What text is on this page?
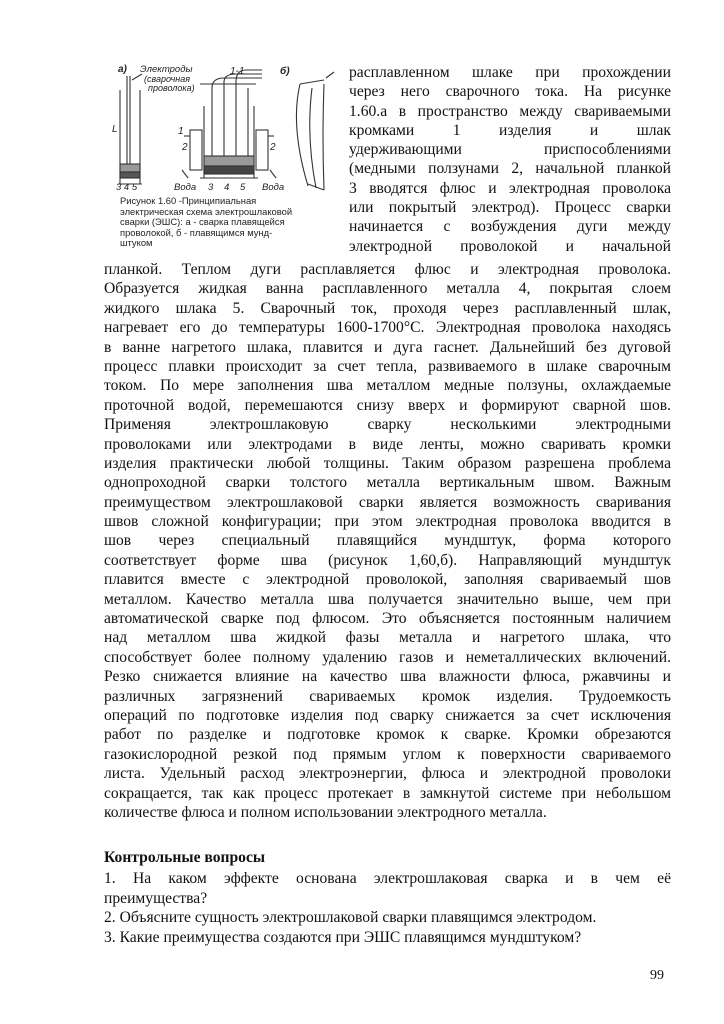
а) Электроды
(сварочная
проволока)
1-1	б)
L	1
2	2
3 4 5	Вода 3 4 5 Вода
Рисунок 1.60 -Принципиальная
электрическая схема электрошлаковой
сварки (ЭШС): а - сварка плавящейся
проволокой, б - плавящимся мунд-
штуком
расплавленном шлаке при прохождении
через него сварочного тока. На рисунке
1.60.а в пространство между свариваемыми
кромками 1 изделия и шлак
удерживающими приспособлениями
(медными ползунами 2, начальной планкой
3 вводятся флюс и электродная проволока
или покрытый электрод). Процесс сварки
начинается с возбуждения дуги между
электродной проволокой и начальной
планкой. Теплом дуги расплавляется флюс и электродная проволока.
Образуется жидкая ванна расплавленного металла 4, покрытая слоем
жидкого шлака 5. Сварочный ток, проходя через расплавленный шлак,
нагревает его до температуры 1600-1700°С. Электродная проволока находясь
в ванне нагретого шлака, плавится и дуга гаснет. Дальнейший без дуговой
процесс плавки происходит за счет тепла, развиваемого в шлаке сварочным
током. По мере заполнения шва металлом медные ползуны, охлаждаемые
проточной водой, перемешаются снизу вверх и формируют сварной шов.
Применяя электрошлаковую сварку несколькими электродными
проволоками или электродами в виде ленты, можно сваривать кромки
изделия практически любой толщины. Таким образом разрешена проблема
однопроходной сварки толстого металла вертикальным швом. Важным
преимуществом электрошлаковой сварки является возможность сваривания
швов сложной конфигурации; при этом электродная проволока вводится в
шов через специальный плавящийся мундштук, форма которого
соответствует форме шва (рисунок 1,60,б). Направляющий мундштук
плавится вместе с электродной проволокой, заполняя свариваемый шов
металлом. Качество металла шва получается значительно выше, чем при
автоматической сварке под флюсом. Это объясняется постоянным наличием
над металлом шва жидкой фазы металла и нагретого шлака, что
способствует более полному удалению газов и неметаллических включений.
Резко снижается влияние на качество шва влажности флюса, ржавчины и
различных загрязнений свариваемых кромок изделия. Трудоемкость
операций по подготовке изделия под сварку снижается за счет исключения
работ по разделке и подготовке кромок к сварке. Кромки обрезаются
газокислородной резкой под прямым углом к поверхности свариваемого
листа. Удельный расход электроэнергии, флюса и электродной проволоки
сокращается, так как процесс протекает в замкнутой системе при небольшом
количестве флюса и полном использовании электродного металла.
Контрольные вопросы
1. На каком эффекте основана электрошлаковая сварка и в чем её
преимущества?
2. Объясните сущность электрошлаковой сварки плавящимся электродом.
3. Какие преимущества создаются при ЭШС плавящимся мундштуком?
99
